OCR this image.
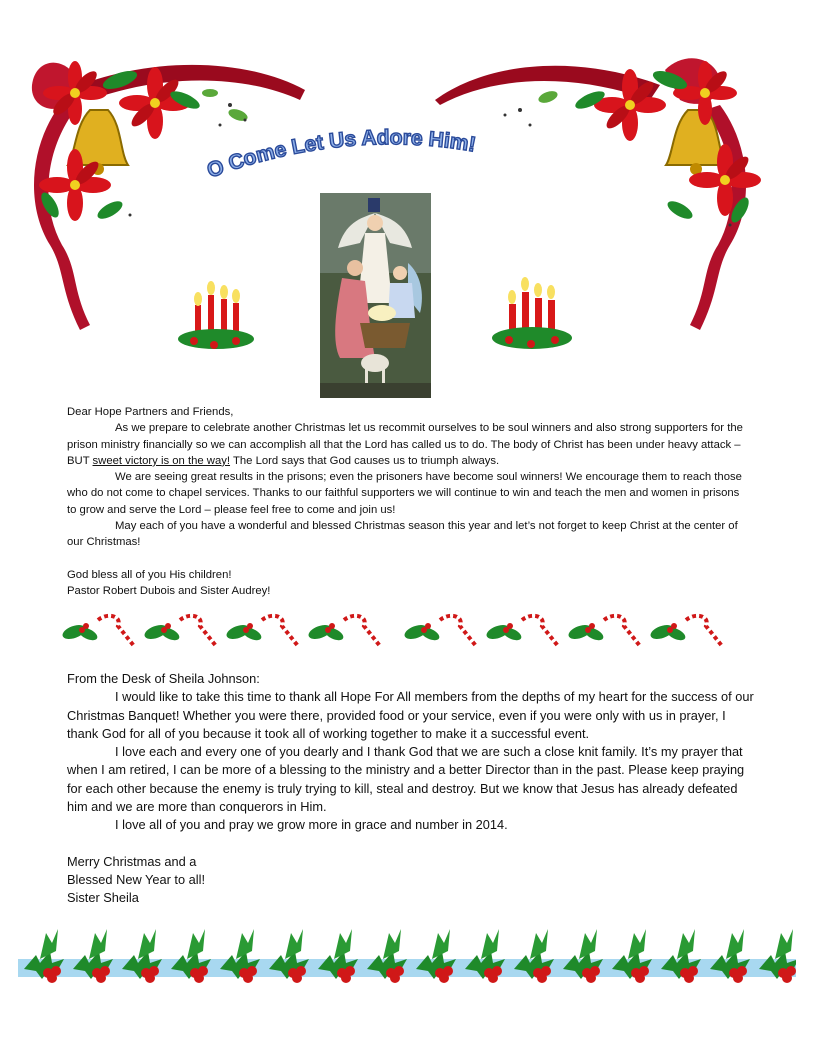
O Come Let Us Adore Him!

Dear Hope Partners and Friends,

As we prepare to celebrate another Christmas let us recommit ourselves to be soul winners and also strong supporters for the prison ministry financially so we can accomplish all that the Lord has called us to do. The body of Christ has been under heavy attack – BUT sweet victory is on the way! The Lord says that God causes us to triumph always.

We are seeing great results in the prisons; even the prisoners have become soul winners! We encourage them to reach those who do not come to chapel services. Thanks to our faithful supporters we will continue to win and teach the men and women in prisons to grow and serve the Lord – please feel free to come and join us!

May each of you have a wonderful and blessed Christmas season this year and let’s not forget to keep Christ at the center of our Christmas!

God bless all of you His children!

Pastor Robert Dubois and Sister Audrey!

From the Desk of Sheila Johnson:

I would like to take this time to thank all Hope For All members from the depths of my heart for the success of our Christmas Banquet! Whether you were there, provided food or your service, even if you were only with us in prayer, I thank God for all of you because it took all of working together to make it a successful event.

I love each and every one of you dearly and I thank God that we are such a close knit family. It’s my prayer that when I am retired, I can be more of a blessing to the ministry and a better Director than in the past. Please keep praying for each other because the enemy is truly trying to kill, steal and destroy. But we know that Jesus has already defeated him and we are more than conquerors in Him.

I love all of you and pray we grow more in grace and number in 2014.

Merry Christmas and a

Blessed New Year to all!

Sister Sheila
